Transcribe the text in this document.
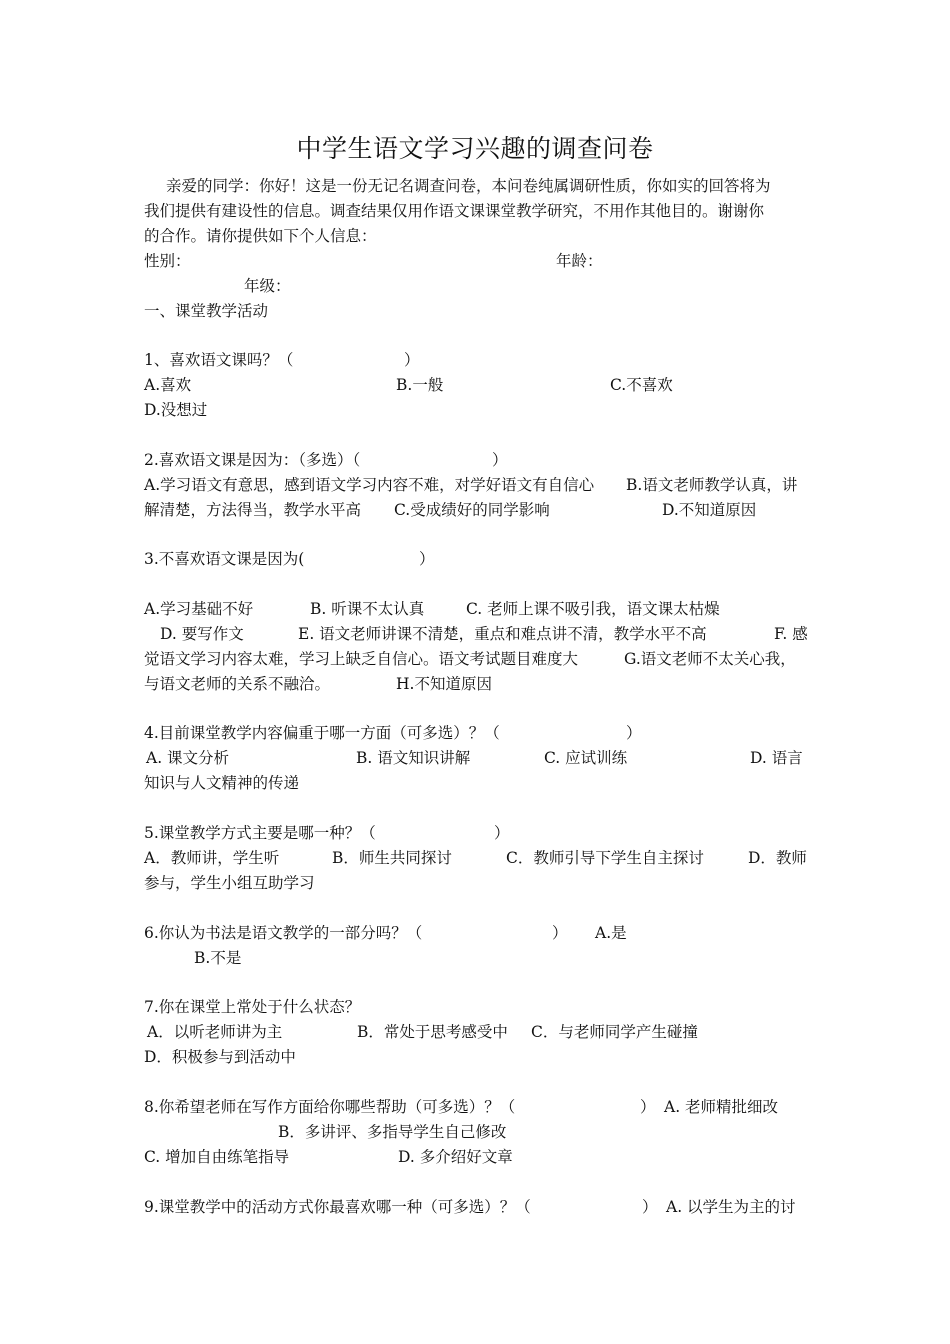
中学生语文学习兴趣的调查问卷
亲爱的同学：你好！这是一份无记名调查问卷，本问卷纯属调研性质，你如实的回答将为
我们提供有建设性的信息。调查结果仅用作语文课课堂教学研究，不用作其他目的。谢谢你
的合作。请你提供如下个人信息：
性别：	年龄：
年级：
一、课堂教学活动
1、喜欢语文课吗？（	）
A.喜欢	B.一般	C.不喜欢
D.没想过
2.喜欢语文课是因为：（多选）（	）
A.学习语文有意思，感到语文学习内容不难，对学好语文有自信心 B.语文老师教学认真，讲
解清楚，方法得当，教学水平高 C.受成绩好的同学影响	D.不知道原因
3.不喜欢语文课是因为(	）
A.学习基础不好	B. 听课不太认真	C. 老师上课不吸引我，语文课太枯燥
D. 要写作文	E. 语文老师讲课不清楚，重点和难点讲不清，教学水平不高	F. 感
觉语文学习内容太难，学习上缺乏自信心。语文考试题目难度大	G.语文老师不太关心我，
与语文老师的关系不融洽。	H.不知道原因
4.目前课堂教学内容偏重于哪一方面（可多选）？（	）
A. 课文分析	B. 语文知识讲解	C. 应试训练	D. 语言
知识与人文精神的传递
5.课堂教学方式主要是哪一种？（	）
A．教师讲，学生听	B．师生共同探讨	C．教师引导下学生自主探讨	D．教师
参与，学生小组互助学习
6.你认为书法是语文教学的一部分吗？（	） A.是
B.不是
7.你在课堂上常处于什么状态？
A．以听老师讲为主	B．常处于思考感受中 C．与老师同学产生碰撞
D．积极参与到活动中
8.你希望老师在写作方面给你哪些帮助（可多选）？（	） A. 老师精批细改
B．多讲评、多指导学生自己修改
C. 增加自由练笔指导	D. 多介绍好文章
9.课堂教学中的活动方式你最喜欢哪一种（可多选）？（	） A. 以学生为主的讨
